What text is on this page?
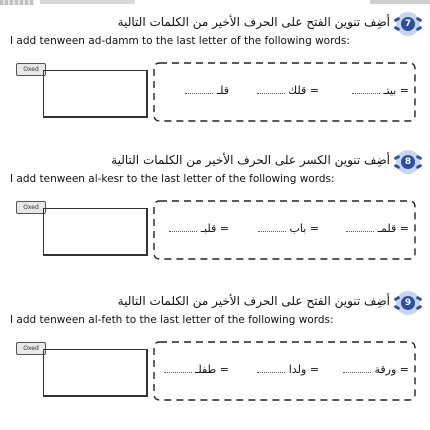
أضِف تنوين الفتح على الحرف الأخير من الكلمات التالية	7
I add tenween ad-damm to the last letter of the following words:
Oxed
= بيتـ
= قلك
قلـ
أضِف تنوين الكسر على الحرف الأخير من الكلمات التالية	8
I add tenween al-kesr to the last letter of the following words:
Oxed
= قلمـ
= باب
= قلبـ
أضِف تنوين الفتح على الحرف الأخير من الكلمات التالية	9
I add tenween al-feth to the last letter of the following words:
Oxed
= ورقة
= ولدا
= طفلـ
